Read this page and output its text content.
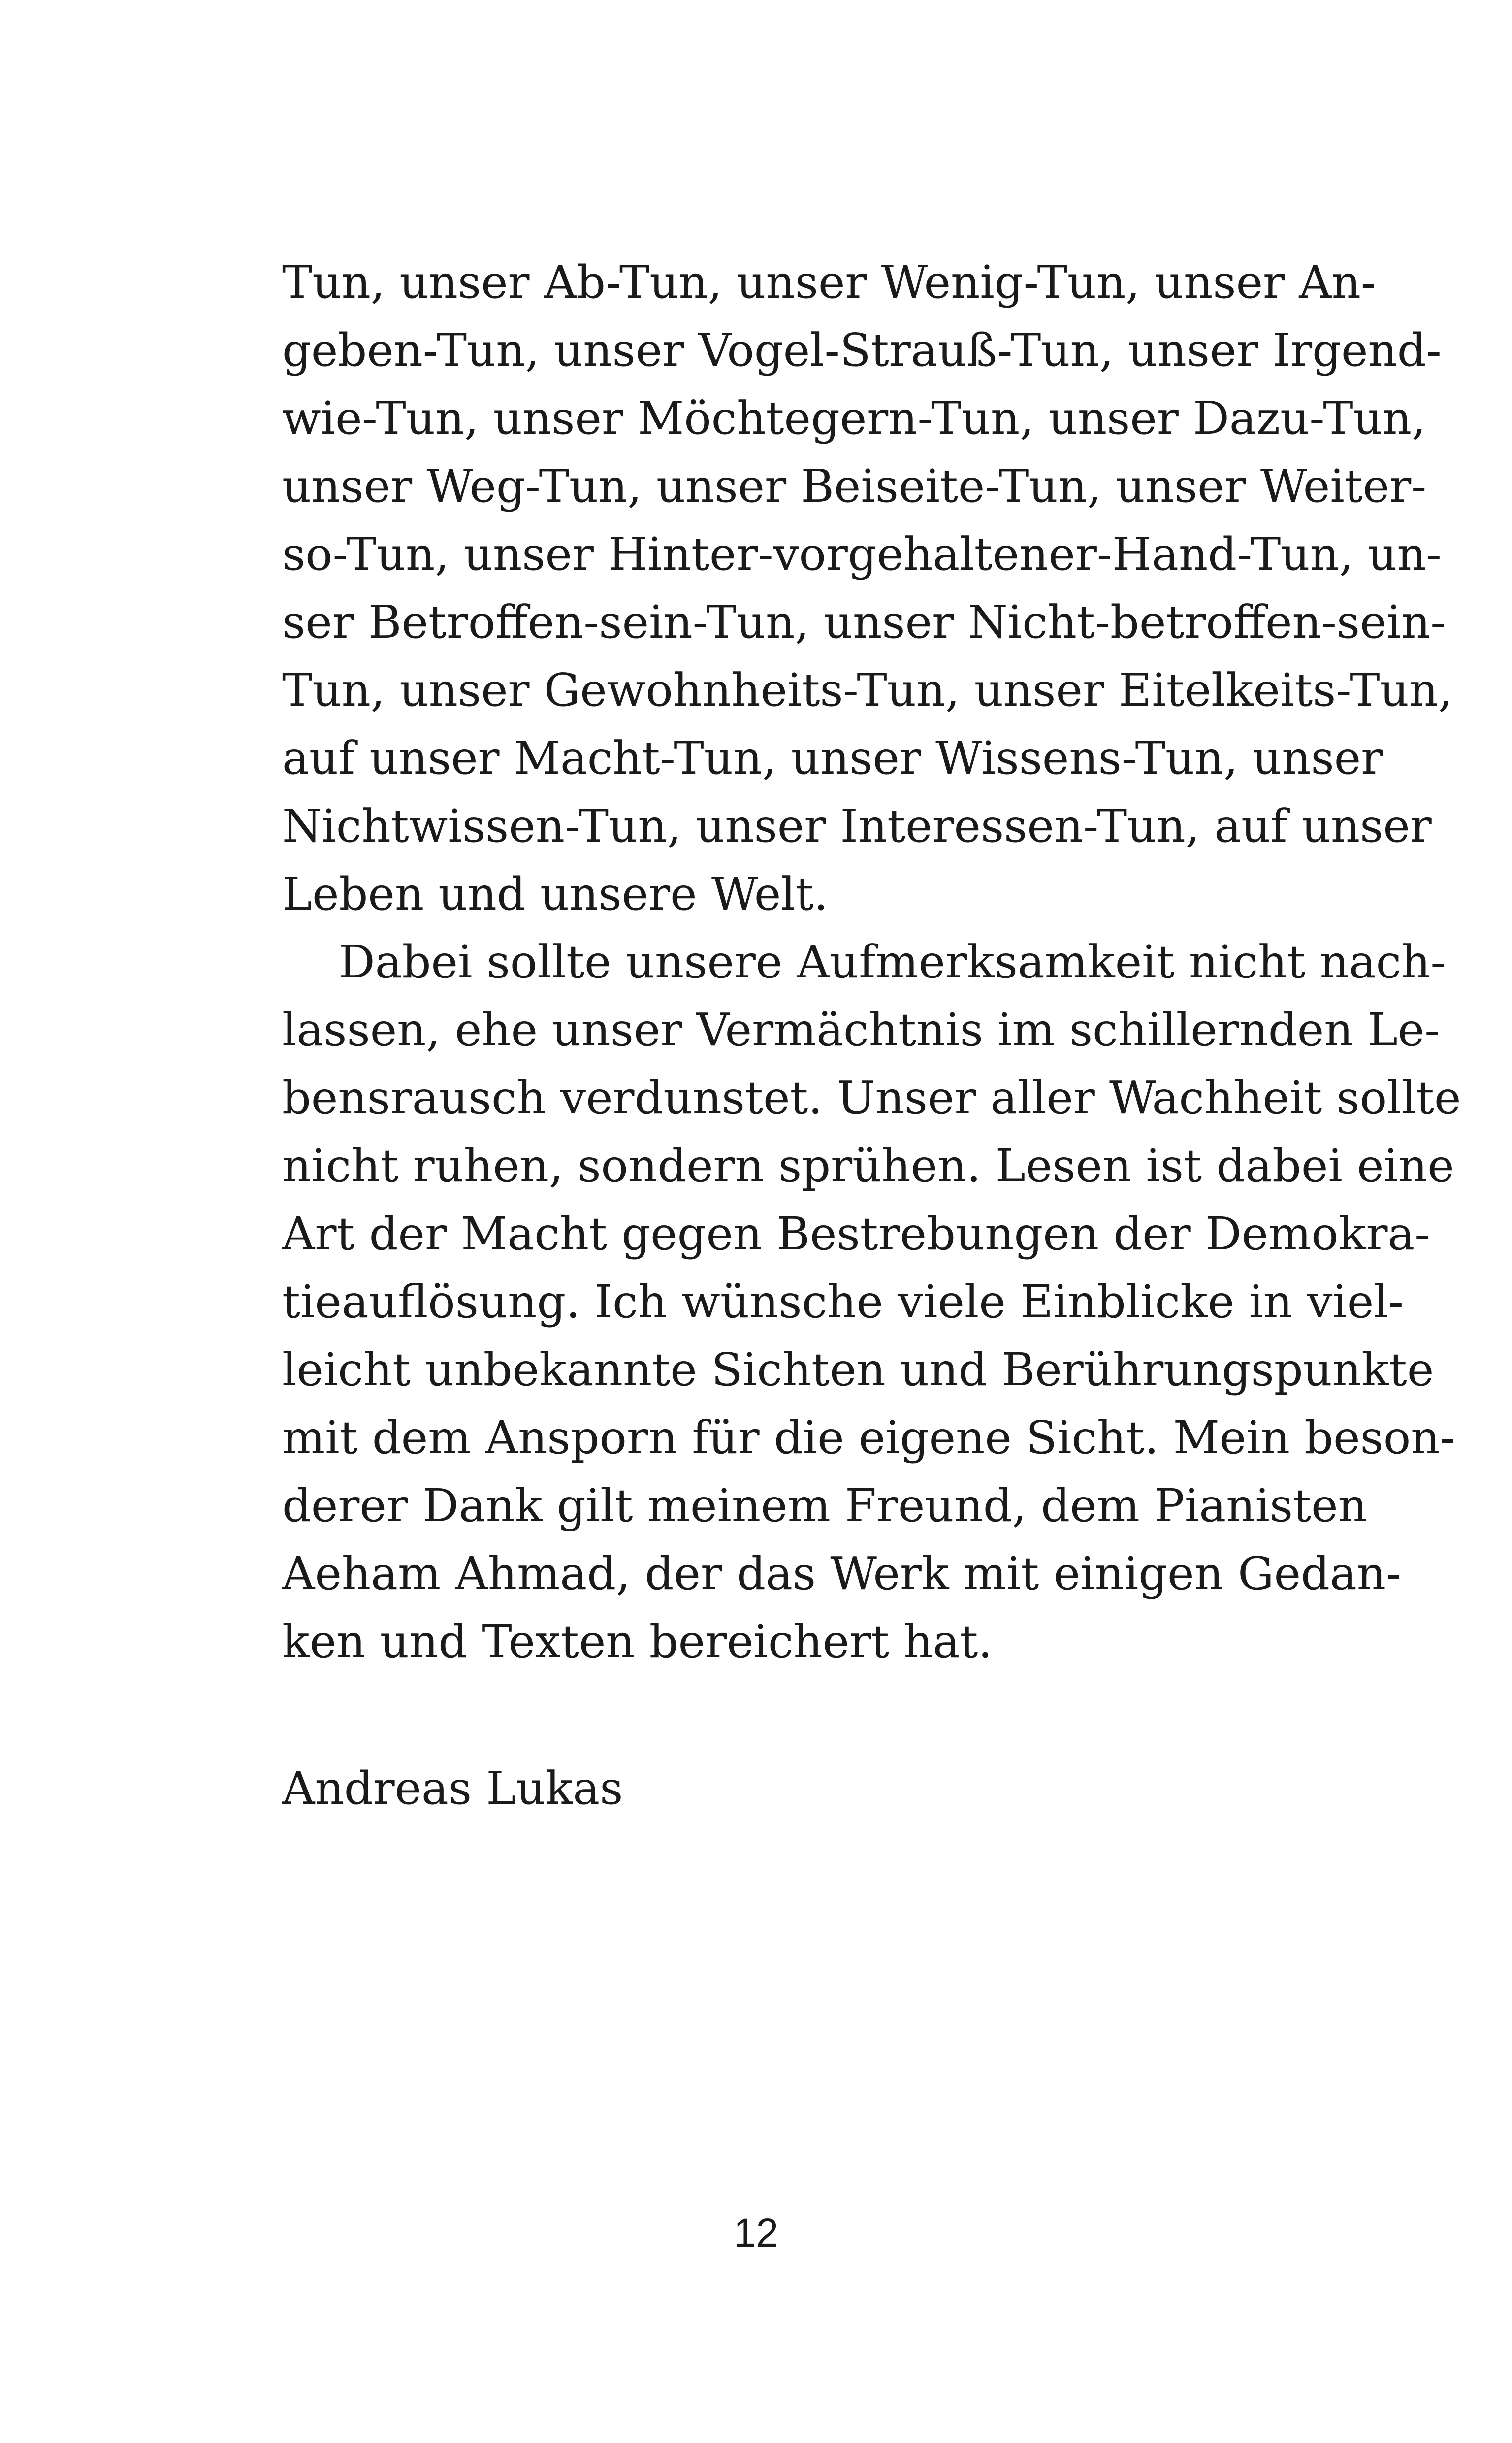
Tun, unser Ab-Tun, unser Wenig-Tun, unser An-
geben-Tun, unser Vogel-Strauß-Tun, unser Irgend-
wie-Tun, unser Möchtegern-Tun, unser Dazu-Tun,
unser Weg-Tun, unser Beiseite-Tun, unser Weiter-
so-Tun, unser Hinter-vorgehaltener-Hand-Tun, un-
ser Betroffen-sein-Tun, unser Nicht-betroffen-sein-
Tun, unser Gewohnheits-Tun, unser Eitelkeits-Tun,
auf unser Macht-Tun, unser Wissens-Tun, unser
Nichtwissen-Tun, unser Interessen-Tun, auf unser
Leben und unsere Welt.
Dabei sollte unsere Aufmerksamkeit nicht nach-
lassen, ehe unser Vermächtnis im schillernden Le-
bensrausch verdunstet. Unser aller Wachheit sollte
nicht ruhen, sondern sprühen. Lesen ist dabei eine
Art der Macht gegen Bestrebungen der Demokra-
tieauflösung. Ich wünsche viele Einblicke in viel-
leicht unbekannte Sichten und Berührungspunkte
mit dem Ansporn für die eigene Sicht. Mein beson-
derer Dank gilt meinem Freund, dem Pianisten
Aeham Ahmad, der das Werk mit einigen Gedan-
ken und Texten bereichert hat.
Andreas Lukas
12
